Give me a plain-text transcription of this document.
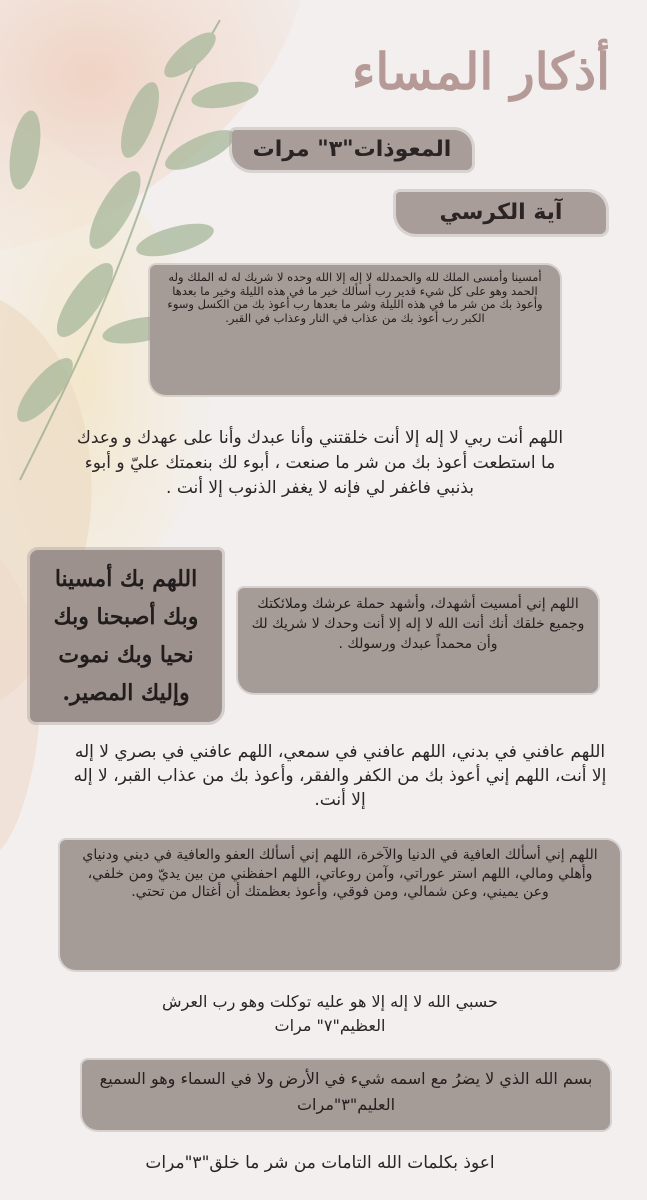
أذكار المساء
المعوذات"٣" مرات
آية الكرسي

أمسينا وأمسى الملك لله والحمدلله لا إله إلا الله وحده لا شريك له له الملك وله الحمد وهو على كل شيء قدير رب أسألك خير ما في هذه الليلة وخير ما بعدها وأعوذ بك من شر ما في هذه الليلة وشر ما بعدها رب أعوذ بك من الكسل وسوء الكبر رب أعوذ بك من عذاب في النار وعذاب في القبر.

اللهم أنت ربي لا إله إلا أنت خلقتني وأنا عبدك وأنا على عهدك و وعدك ما استطعت أعوذ بك من شر ما صنعت ، أبوء لك بنعمتك عليّ و أبوء بذنبي فاغفر لي فإنه لا يغفر الذنوب إلا أنت .

اللهم بك أمسينا وبك أصبحنا وبك نحيا وبك نموت وإليك المصير.

اللهم إني أمسيت أشهدك، وأشهد حملة عرشك وملائكتك وجميع خلقك أنك أنت الله لا إله إلا أنت وحدك لا شريك لك وأن محمداً عبدك ورسولك .

اللهم عافني في بدني، اللهم عافني في سمعي، اللهم عافني في بصري لا إله إلا أنت، اللهم إني أعوذ بك من الكفر والفقر، وأعوذ بك من عذاب القبر، لا إله إلا أنت.

اللهم إني أسألك العافية في الدنيا والآخرة، اللهم إني أسألك العفو والعافية في ديني ودنياي وأهلي ومالي، اللهم استر عوراتي، وآمن روعاتي، اللهم احفظني من بين يديّ ومن خلفي، وعن يميني، وعن شمالي، ومن فوقي، وأعوذ بعظمتك أن أغتال من تحتي.

حسبي الله لا إله إلا هو عليه توكلت وهو رب العرش العظيم"٧" مرات

بسم الله الذي لا يضرُ مع اسمه شيء في الأرض ولا في السماء وهو السميع العليم"٣"مرات

اعوذ بكلمات الله التامات من شر ما خلق"٣"مرات
